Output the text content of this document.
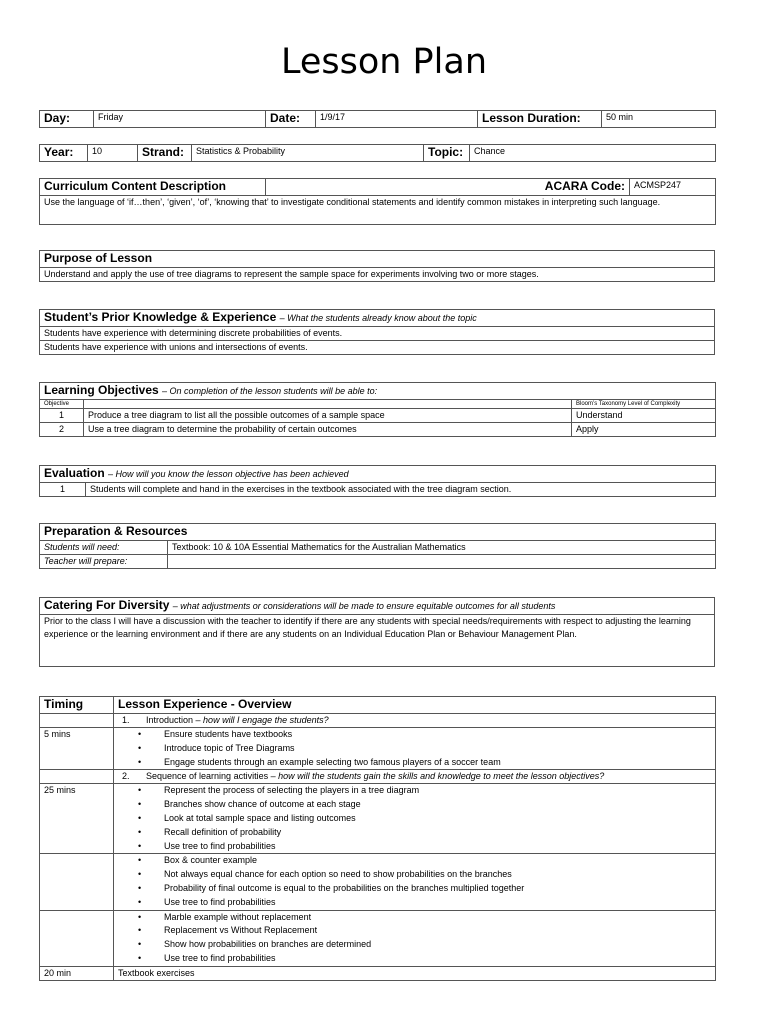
Lesson Plan
Day:	Friday	Date:	1/9/17	Lesson Duration:	50 min
Year:	10	Strand:	Statistics & Probability	Topic:	Chance
Curriculum Content Description	ACARA Code:	ACMSP247
Use the language of ‘if…then’, ‘given’, ‘of’, ‘knowing that’ to investigate conditional statements and identify common mistakes in interpreting such language.
Purpose of Lesson
Understand and apply the use of tree diagrams to represent the sample space for experiments involving two or more stages.
Student’s Prior Knowledge & Experience – What the students already know about the topic
Students have experience with determining discrete probabilities of events.
Students have experience with unions and intersections of events.
Learning Objectives – On completion of the lesson students will be able to:		
Objective		Bloom’s Taxonomy Level of Complexity
1	Produce a tree diagram to list all the possible outcomes of a sample space	Understand
2	Use a tree diagram to determine the probability of certain outcomes	Apply
Evaluation – How will you know the lesson objective has been achieved
1	Students will complete and hand in the exercises in the textbook associated with the tree diagram section.
Preparation & Resources	
Students will need:	Textbook: 10 & 10A Essential Mathematics for the Australian Mathematics
Teacher will prepare:	
Catering For Diversity – what adjustments or considerations will be made to ensure equitable outcomes for all students
Prior to the class I will have a discussion with the teacher to identify if there are any students with special needs/requirements with respect to adjusting the learning experience or the learning environment and if there are any students on an Individual Education Plan or Behaviour Management Plan.
Timing	Lesson Experience - Overview
	1. Introduction – how will I engage the students?
5 mins	• Ensure students have textbooks
• Introduce topic of Tree Diagrams
• Engage students through an example selecting two famous players of a soccer team

	2. Sequence of learning activities – how will the students gain the skills and knowledge to meet the lesson objectives?
25 mins	• Represent the process of selecting the players in a tree diagram
• Branches show chance of outcome at each stage
• Look at total sample space and listing outcomes
• Recall definition of probability
• Use tree to find probabilities

	• Box & counter example
• Not always equal chance for each option so need to show probabilities on the branches
• Probability of final outcome is equal to the probabilities on the branches multiplied together
• Use tree to find probabilities

	• Marble example without replacement
• Replacement vs Without Replacement
• Show how probabilities on branches are determined
• Use tree to find probabilities

20 min	Textbook exercises
